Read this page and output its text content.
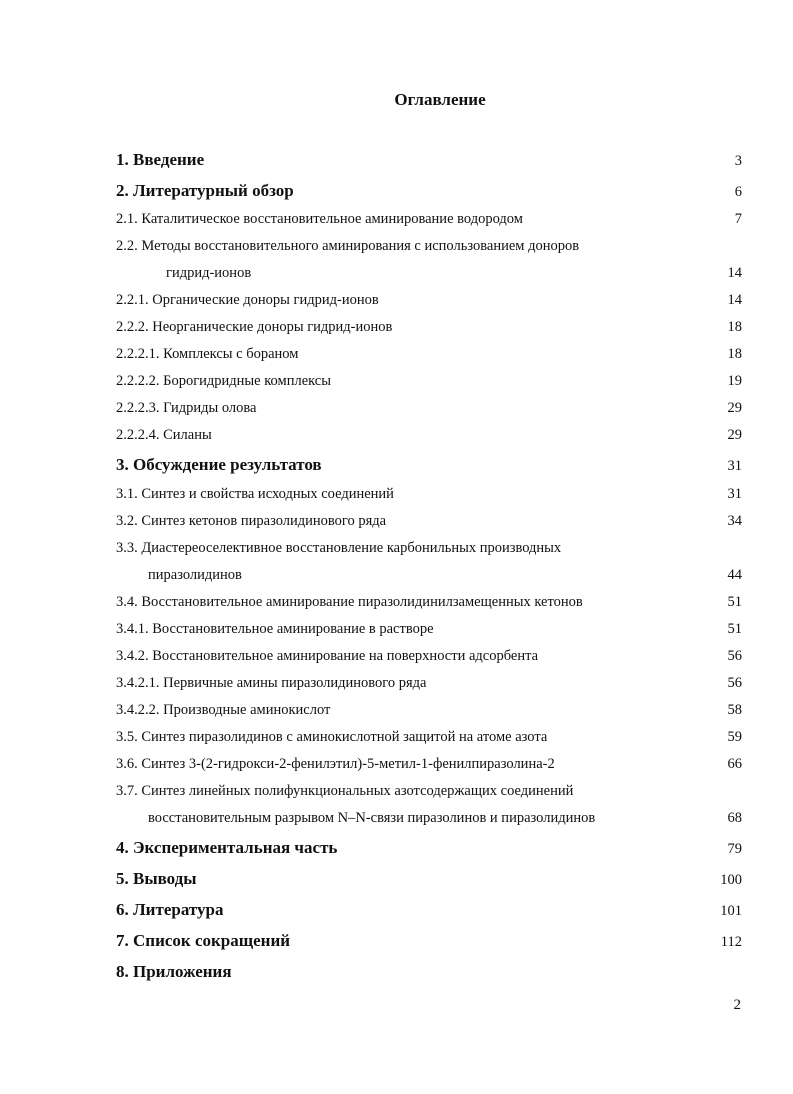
Оглавление
1. Введение	3
2. Литературный обзор	6
2.1. Каталитическое восстановительное аминирование водородом	7
2.2. Методы восстановительного аминирования с использованием доноров
гидрид-ионов	14
2.2.1. Органические доноры гидрид-ионов	14
2.2.2. Неорганические доноры гидрид-ионов	18
2.2.2.1. Комплексы с бораном	18
2.2.2.2. Борогидридные комплексы	19
2.2.2.3. Гидриды олова	29
2.2.2.4. Силаны	29
3. Обсуждение результатов	31
3.1. Синтез и свойства исходных соединений	31
3.2. Синтез кетонов пиразолидинового ряда	34
3.3. Диастереоселективное восстановление карбонильных производных
пиразолидинов	44
3.4. Восстановительное аминирование пиразолидинилзамещенных кетонов	51
3.4.1. Восстановительное аминирование в растворе	51
3.4.2. Восстановительное аминирование на поверхности адсорбента	56
3.4.2.1. Первичные амины пиразолидинового ряда	56
3.4.2.2. Производные аминокислот	58
3.5. Синтез пиразолидинов с аминокислотной защитой на атоме азота	59
3.6. Синтез 3-(2-гидрокси-2-фенилэтил)-5-метил-1-фенилпиразолина-2	66
3.7. Синтез линейных полифункциональных азотсодержащих соединений
восстановительным разрывом N–N-связи пиразолинов и пиразолидинов	68
4. Экспериментальная часть	79
5. Выводы	100
6. Литература	101
7. Список сокращений	112
8. Приложения
2
